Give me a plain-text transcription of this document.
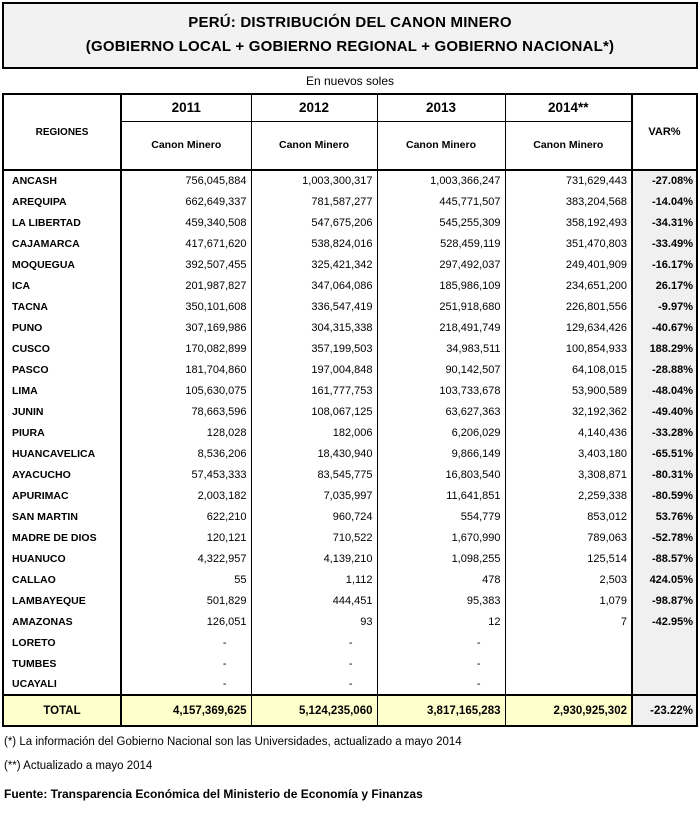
PERÚ: DISTRIBUCIÓN DEL CANON MINERO
(GOBIERNO LOCAL + GOBIERNO REGIONAL + GOBIERNO NACIONAL*)
En nuevos soles
REGIONES	2011	2012	2013	2014**	VAR%
	Canon Minero	Canon Minero	Canon Minero	Canon Minero	
ANCASH	756,045,884	1,003,300,317	1,003,366,247	731,629,443	-27.08%
AREQUIPA	662,649,337	781,587,277	445,771,507	383,204,568	-14.04%
LA LIBERTAD	459,340,508	547,675,206	545,255,309	358,192,493	-34.31%
CAJAMARCA	417,671,620	538,824,016	528,459,119	351,470,803	-33.49%
MOQUEGUA	392,507,455	325,421,342	297,492,037	249,401,909	-16.17%
ICA	201,987,827	347,064,086	185,986,109	234,651,200	26.17%
TACNA	350,101,608	336,547,419	251,918,680	226,801,556	-9.97%
PUNO	307,169,986	304,315,338	218,491,749	129,634,426	-40.67%
CUSCO	170,082,899	357,199,503	34,983,511	100,854,933	188.29%
PASCO	181,704,860	197,004,848	90,142,507	64,108,015	-28.88%
LIMA	105,630,075	161,777,753	103,733,678	53,900,589	-48.04%
JUNIN	78,663,596	108,067,125	63,627,363	32,192,362	-49.40%
PIURA	128,028	182,006	6,206,029	4,140,436	-33.28%
HUANCAVELICA	8,536,206	18,430,940	9,866,149	3,403,180	-65.51%
AYACUCHO	57,453,333	83,545,775	16,803,540	3,308,871	-80.31%
APURIMAC	2,003,182	7,035,997	11,641,851	2,259,338	-80.59%
SAN MARTIN	622,210	960,724	554,779	853,012	53.76%
MADRE DE DIOS	120,121	710,522	1,670,990	789,063	-52.78%
HUANUCO	4,322,957	4,139,210	1,098,255	125,514	-88.57%
CALLAO	55	1,112	478	2,503	424.05%
LAMBAYEQUE	501,829	444,451	95,383	1,079	-98.87%
AMAZONAS	126,051	93	12	7	-42.95%
LORETO	-	-	-		
TUMBES	-	-	-		
UCAYALI	-	-	-		
TOTAL	4,157,369,625	5,124,235,060	3,817,165,283	2,930,925,302	-23.22%
(*) La información del Gobierno Nacional son las Universidades, actualizado a mayo 2014
(**) Actualizado a mayo 2014
Fuente: Transparencia Económica del Ministerio de Economía y Finanzas
